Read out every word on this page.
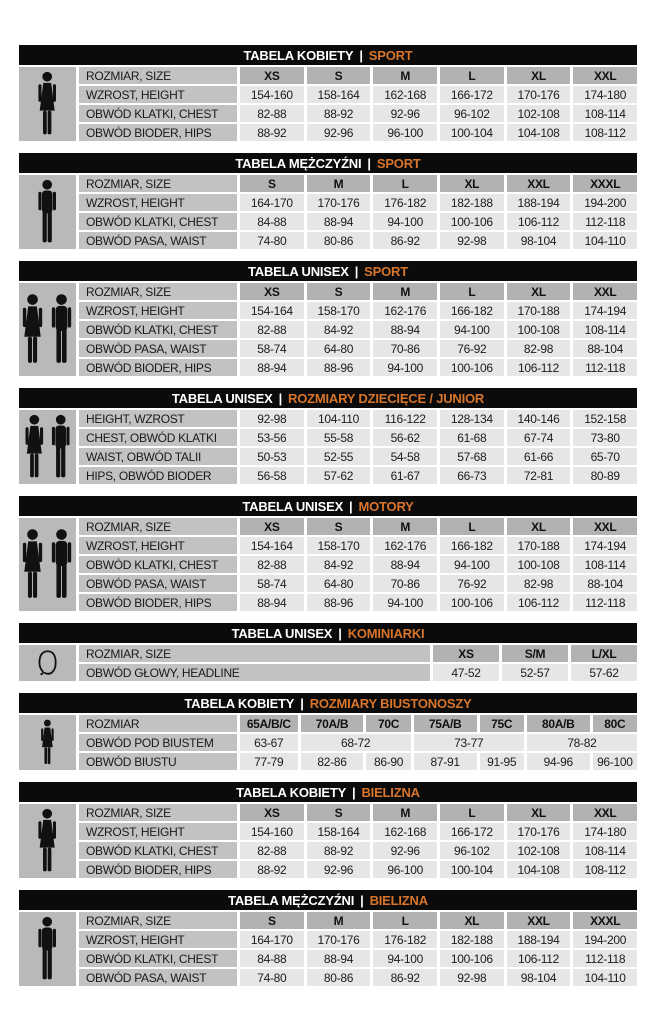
TABELA KOBIETY | SPORT
ROZMIAR, SIZE	XS	S	M	L	XL	XXL
WZROST, HEIGHT	154-160	158-164	162-168	166-172	170-176	174-180
OBWÓD KLATKI, CHEST	82-88	88-92	92-96	96-102	102-108	108-114
OBWÓD BIODER, HIPS	88-92	92-96	96-100	100-104	104-108	108-112
TABELA MĘŻCZYŹNI | SPORT
ROZMIAR, SIZE	S	M	L	XL	XXL	XXXL
WZROST, HEIGHT	164-170	170-176	176-182	182-188	188-194	194-200
OBWÓD KLATKI, CHEST	84-88	88-94	94-100	100-106	106-112	112-118
OBWÓD PASA, WAIST	74-80	80-86	86-92	92-98	98-104	104-110
TABELA UNISEX | SPORT
ROZMIAR, SIZE	XS	S	M	L	XL	XXL
WZROST, HEIGHT	154-164	158-170	162-176	166-182	170-188	174-194
OBWÓD KLATKI, CHEST	82-88	84-92	88-94	94-100	100-108	108-114
OBWÓD PASA, WAIST	58-74	64-80	70-86	76-92	82-98	88-104
OBWÓD BIODER, HIPS	88-94	88-96	94-100	100-106	106-112	112-118
TABELA UNISEX | ROZMIARY DZIECIĘCE / JUNIOR
HEIGHT, WZROST	92-98	104-110	116-122	128-134	140-146	152-158
CHEST, OBWÓD KLATKI	53-56	55-58	56-62	61-68	67-74	73-80
WAIST, OBWÓD TALII	50-53	52-55	54-58	57-68	61-66	65-70
HIPS, OBWÓD BIODER	56-58	57-62	61-67	66-73	72-81	80-89
TABELA UNISEX | MOTORY
ROZMIAR, SIZE	XS	S	M	L	XL	XXL
WZROST, HEIGHT	154-164	158-170	162-176	166-182	170-188	174-194
OBWÓD KLATKI, CHEST	82-88	84-92	88-94	94-100	100-108	108-114
OBWÓD PASA, WAIST	58-74	64-80	70-86	76-92	82-98	88-104
OBWÓD BIODER, HIPS	88-94	88-96	94-100	100-106	106-112	112-118
TABELA UNISEX | KOMINIARKI
ROZMIAR, SIZE	XS	S/M	L/XL
OBWÓD GŁOWY, HEADLINE	47-52	52-57	57-62
TABELA KOBIETY | ROZMIARY BIUSTONOSZY
ROZMIAR	65A/B/C	70A/B	70C	75A/B	75C	80A/B	80C
OBWÓD POD BIUSTEM	63-67	68-72	73-77	78-82
OBWÓD BIUSTU	77-79	82-86	86-90	87-91	91-95	94-96	96-100
TABELA KOBIETY | BIELIZNA
ROZMIAR, SIZE	XS	S	M	L	XL	XXL
WZROST, HEIGHT	154-160	158-164	162-168	166-172	170-176	174-180
OBWÓD KLATKI, CHEST	82-88	88-92	92-96	96-102	102-108	108-114
OBWÓD BIODER, HIPS	88-92	92-96	96-100	100-104	104-108	108-112
TABELA MĘŻCZYŹNI | BIELIZNA
ROZMIAR, SIZE	S	M	L	XL	XXL	XXXL
WZROST, HEIGHT	164-170	170-176	176-182	182-188	188-194	194-200
OBWÓD KLATKI, CHEST	84-88	88-94	94-100	100-106	106-112	112-118
OBWÓD PASA, WAIST	74-80	80-86	86-92	92-98	98-104	104-110
